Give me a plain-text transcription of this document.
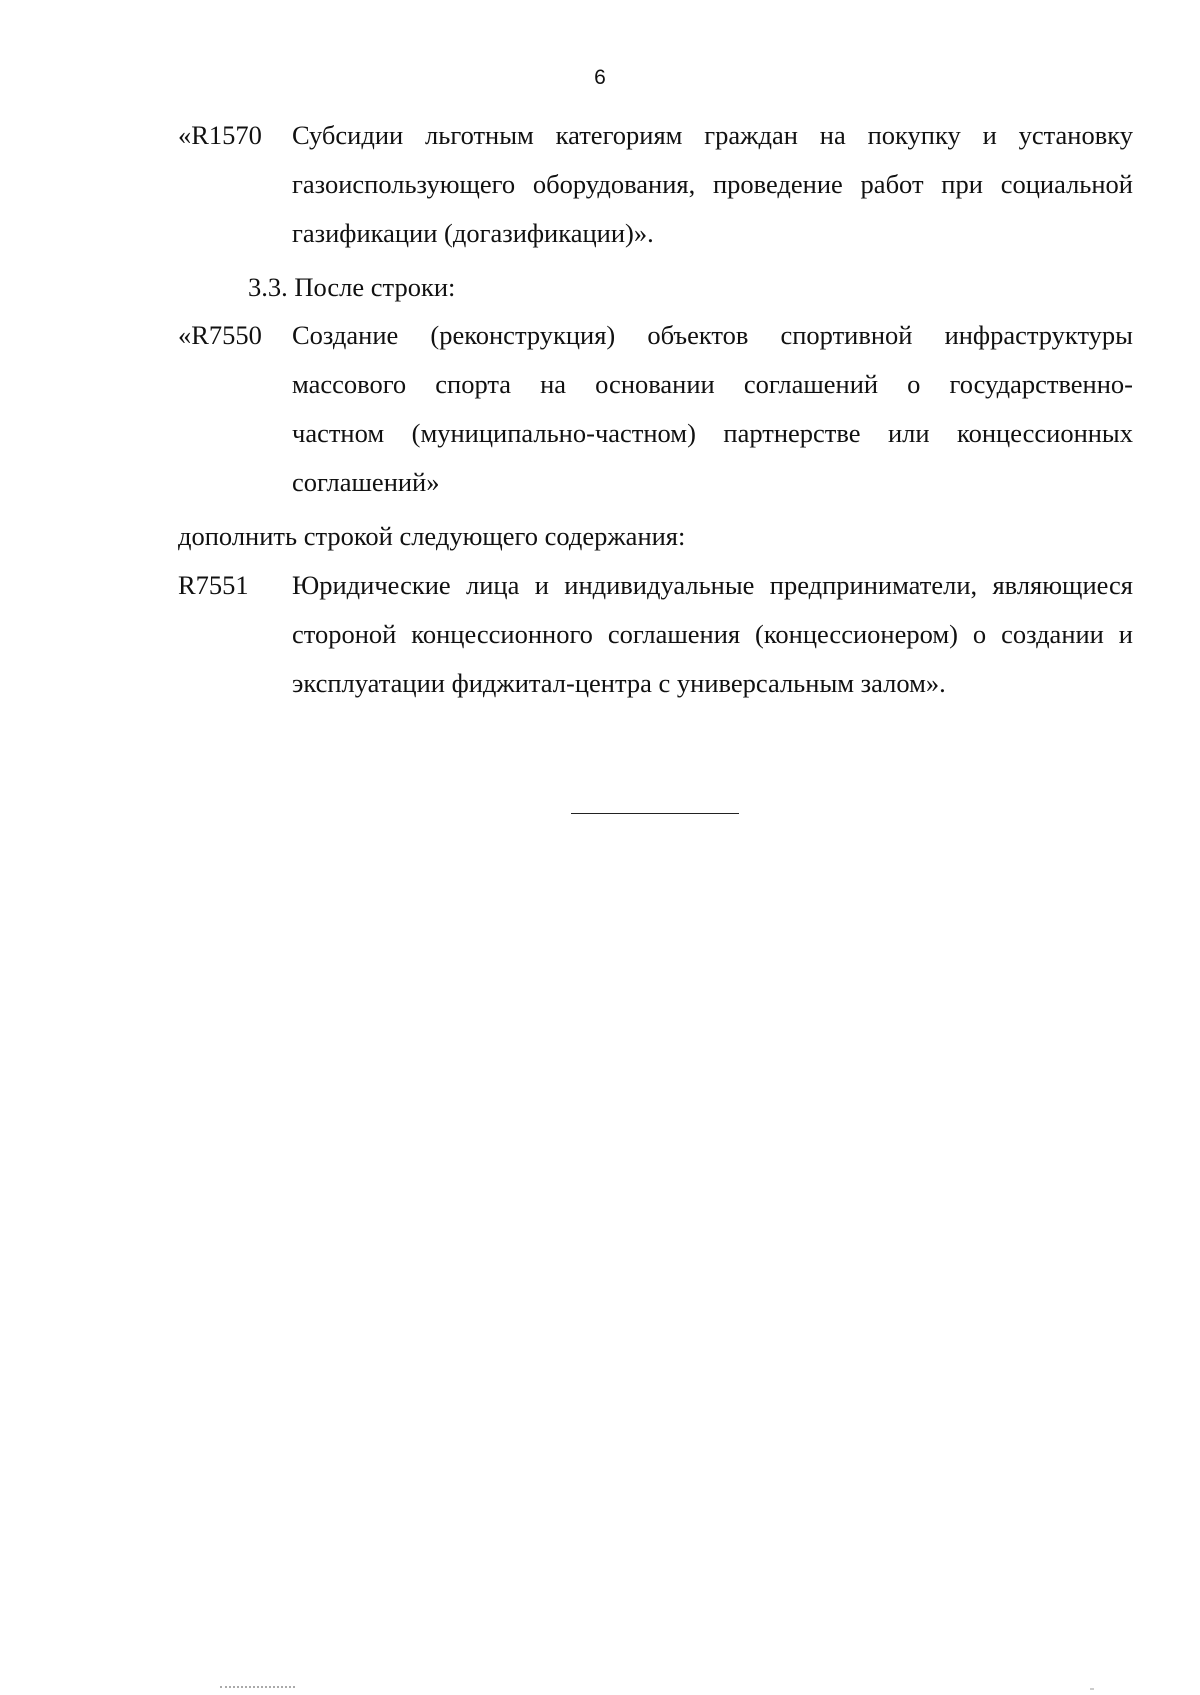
6
«R1570 Субсидии льготным категориям граждан на покупку и установку
газоиспользующего оборудования, проведение работ при социальной
газификации (догазификации)».
3.3. После строки:
«R7550 Создание (реконструкция) объектов спортивной инфраструктуры
массового спорта на основании соглашений о государственно-
частном (муниципально-частном) партнерстве или концессионных
соглашений»
дополнить строкой следующего содержания:
R7551 Юридические лица и индивидуальные предприниматели, являющиеся
стороной концессионного соглашения (концессионером) о создании и
эксплуатации фиджитал-центра с универсальным залом».
